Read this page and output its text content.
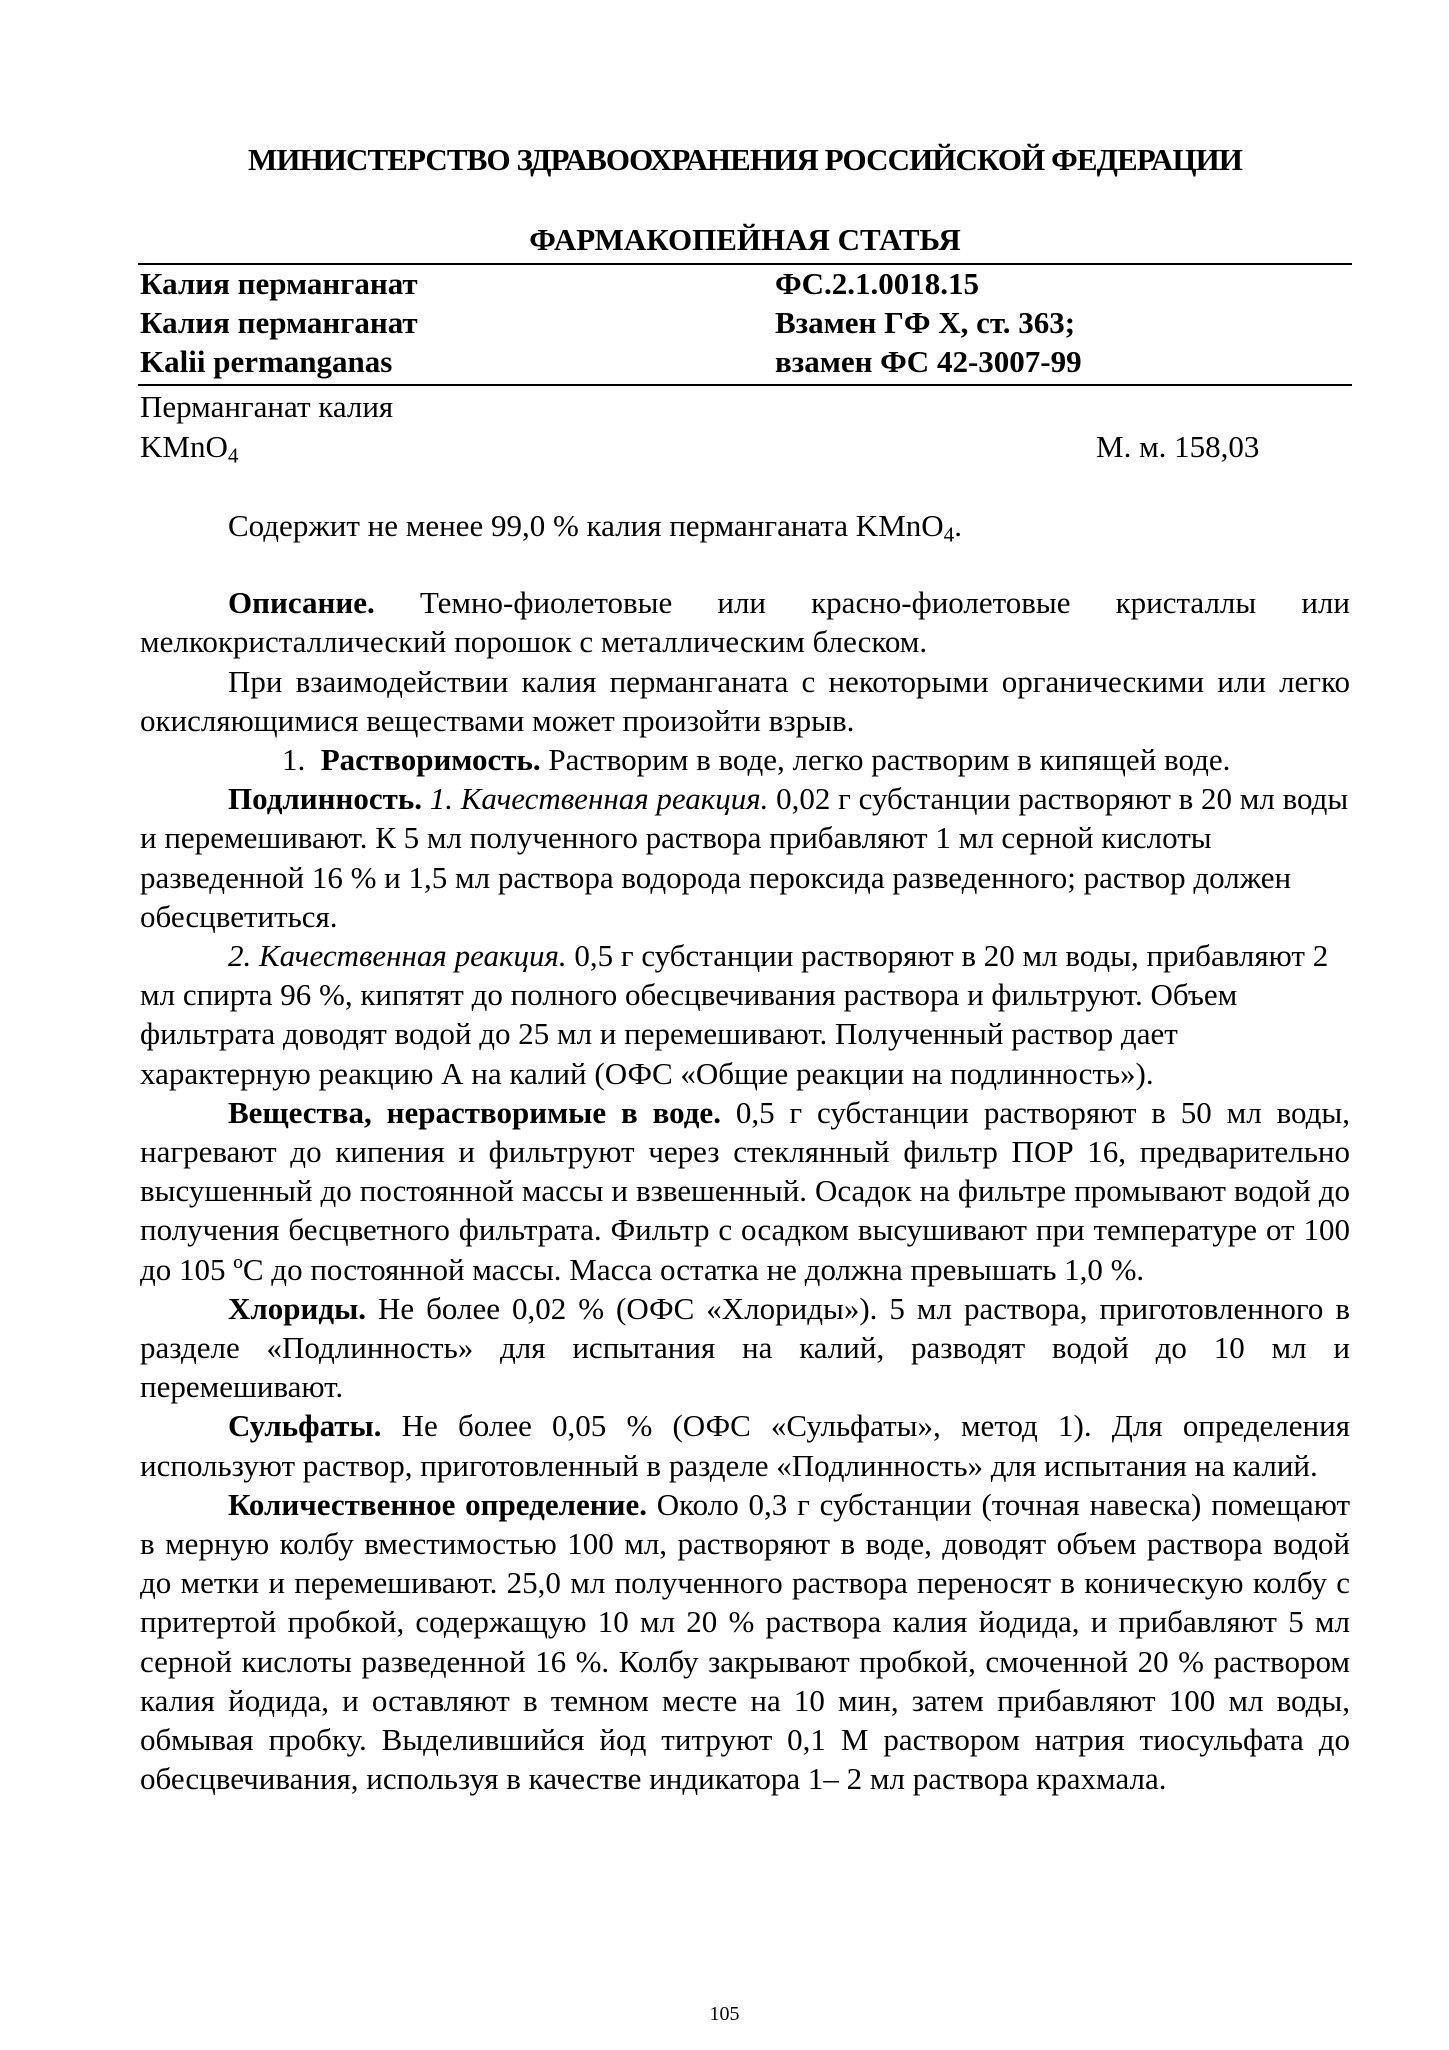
МИНИСТЕРСТВО ЗДРАВООХРАНЕНИЯ РОССИЙСКОЙ ФЕДЕРАЦИИ
ФАРМАКОПЕЙНАЯ СТАТЬЯ
Калия перманганат	ФС.2.1.0018.15
Калия перманганат	Взамен ГФ X, ст. 363;
Kalii permanganas	взамен ФС 42-3007-99
Перманганат калия
KMnO$_4$	М. м. 158,03

Содержит не менее 99,0 % калия перманганата KMnO$_4$.

Описание. Темно-фиолетовые или красно-фиолетовые кристаллы или мелкокристаллический порошок с металлическим блеском.

При взаимодействии калия перманганата с некоторыми органическими или легко окисляющимися веществами может произойти взрыв.

1.  Растворимость. Растворим в воде, легко растворим в кипящей воде.

Подлинность. 1. Качественная реакция. 0,02 г субстанции растворяют в 20 мл воды и перемешивают. К 5 мл полученного раствора прибавляют 1 мл серной кислоты разведенной 16 % и 1,5 мл раствора водорода пероксида разведенного; раствор должен обесцветиться.

2. Качественная реакция. 0,5 г субстанции растворяют в 20 мл воды, прибавляют 2 мл спирта 96 %, кипятят до полного обесцвечивания раствора и фильтруют. Объем фильтрата доводят водой до 25 мл и перемешивают. Полученный раствор дает характерную реакцию А на калий (ОФС «Общие реакции на подлинность»).

Вещества, нерастворимые в воде. 0,5 г субстанции растворяют в 50 мл воды, нагревают до кипения и фильтруют через стеклянный фильтр ПОР 16, предварительно высушенный до постоянной массы и взвешенный. Осадок на фильтре промывают водой до получения бесцветного фильтрата. Фильтр с осадком высушивают при температуре от 100 до 105 ºС до постоянной массы. Масса остатка не должна превышать 1,0 %.

Хлориды. Не более 0,02 % (ОФС «Хлориды»). 5 мл раствора, приготовленного в разделе «Подлинность» для испытания на калий, разводят водой до 10 мл и перемешивают.

Сульфаты. Не более 0,05 % (ОФС «Сульфаты», метод 1). Для определения используют раствор, приготовленный в разделе «Подлинность» для испытания на калий.

Количественное определение. Около 0,3 г субстанции (точная навеска) помещают в мерную колбу вместимостью 100 мл, растворяют в воде, доводят объем раствора водой до метки и перемешивают. 25,0 мл полученного раствора переносят в коническую колбу с притертой пробкой, содержащую 10 мл 20 % раствора калия йодида, и прибавляют 5 мл серной кислоты разведенной 16 %. Колбу закрывают пробкой, смоченной 20 % раствором калия йодида, и оставляют в темном месте на 10 мин, затем прибавляют 100 мл воды, обмывая пробку. Выделившийся йод титруют 0,1 М раствором натрия тиосульфата до обесцвечивания, используя в качестве индикатора 1– 2 мл раствора крахмала.

105
